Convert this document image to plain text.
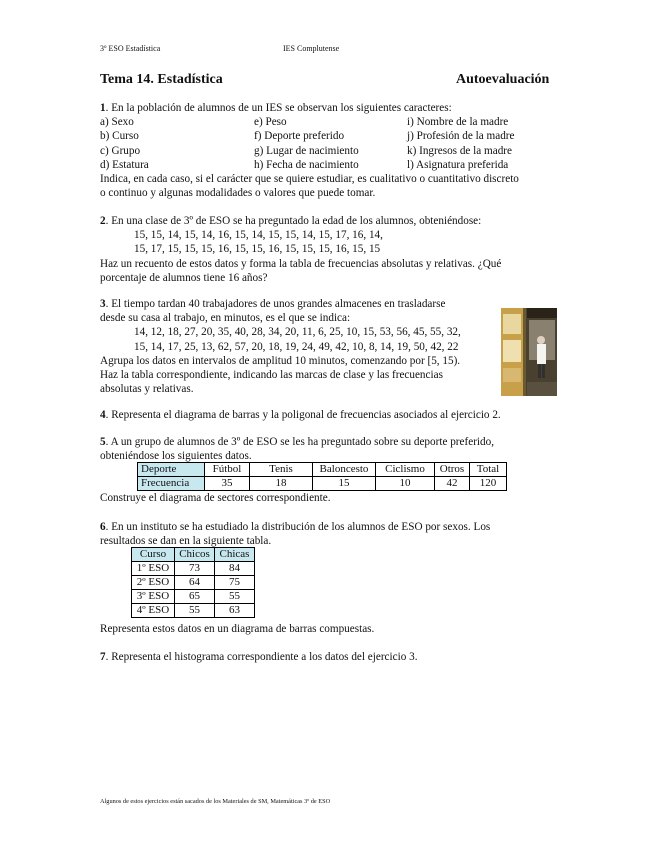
3º ESO Estadística	IES Complutense
Tema 14. Estadística	Autoevaluación
1. En la población de alumnos de un IES se observan los siguientes caracteres:
a) Sexo
b) Curso
c) Grupo
d) Estatura
e) Peso
f) Deporte preferido
g) Lugar de nacimiento
h) Fecha de nacimiento
i) Nombre de la madre
j) Profesión de la madre
k) Ingresos de la madre
l) Asignatura preferida
Indica, en cada caso, si el carácter que se quiere estudiar, es cualitativo o cuantitativo discreto
o continuo y algunas modalidades o valores que puede tomar.
2. En una clase de 3º de ESO se ha preguntado la edad de los alumnos, obteniéndose:
15, 15, 14, 15, 14, 16, 15, 14, 15, 15, 14, 15, 17, 16, 14,
15, 17, 15, 15, 15, 16, 15, 15, 16, 15, 15, 15, 16, 15, 15
Haz un recuento de estos datos y forma la tabla de frecuencias absolutas y relativas. ¿Qué
porcentaje de alumnos tiene 16 años?
3. El tiempo tardan 40 trabajadores de unos grandes almacenes en trasladarse
desde su casa al trabajo, en minutos, es el que se indica:
14, 12, 18, 27, 20, 35, 40, 28, 34, 20, 11, 6, 25, 10, 15, 53, 56, 45, 55, 32,
15, 14, 17, 25, 13, 62, 57, 20, 18, 19, 24, 49, 42, 10, 8, 14, 19, 50, 42, 22
Agrupa los datos en intervalos de amplitud 10 minutos, comenzando por [5, 15).
Haz la tabla correspondiente, indicando las marcas de clase y las frecuencias
absolutas y relativas.
4. Representa el diagrama de barras y la poligonal de frecuencias asociados al ejercicio 2.
5. A un grupo de alumnos de 3º de ESO se les ha preguntado sobre su deporte preferido,
obteniéndose los siguientes datos.
Deporte	Fútbol	Tenis	Baloncesto	Ciclismo	Otros	Total
Frecuencia	35	18	15	10	42	120
Construye el diagrama de sectores correspondiente.
6. En un instituto se ha estudiado la distribución de los alumnos de ESO por sexos. Los
resultados se dan en la siguiente tabla.
Curso	Chicos	Chicas
1º ESO	73	84
2º ESO	64	75
3º ESO	65	55
4º ESO	55	63
Representa estos datos en un diagrama de barras compuestas.
7. Representa el histograma correspondiente a los datos del ejercicio 3.
Algunos de estos ejercicios están sacados de los Materiales de SM, Matemáticas 3º de ESO
